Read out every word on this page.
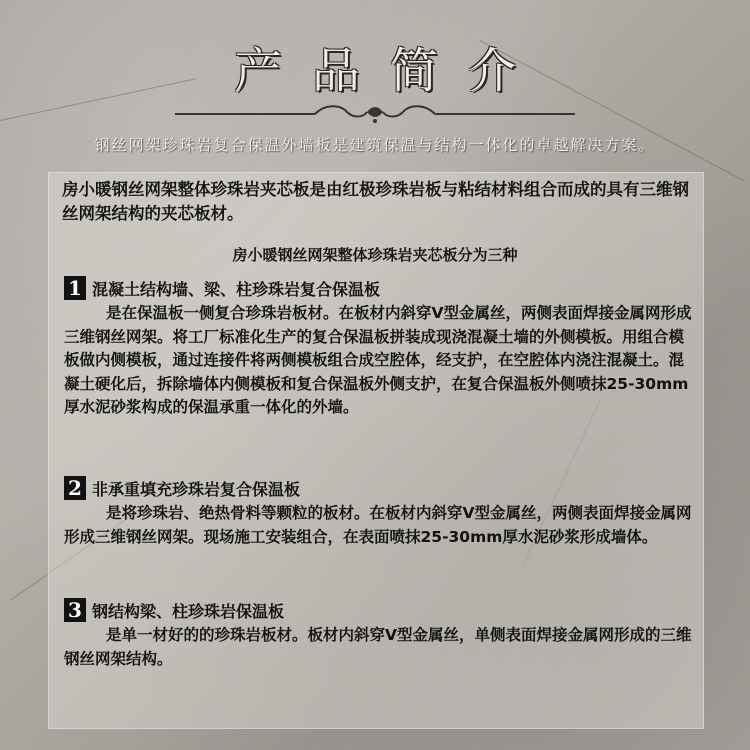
产品简介
钢丝网架珍珠岩复合保温外墙板是建筑保温与结构一体化的卓越解决方案。
房小暖钢丝网架整体珍珠岩夹芯板是由红极珍珠岩板与粘结材料组合而成的具有三维钢丝网架结构的夹芯板材。
房小暖钢丝网架整体珍珠岩夹芯板分为三种
1 混凝土结构墙、梁、柱珍珠岩复合保温板
是在保温板一侧复合珍珠岩板材。在板材内斜穿V型金属丝，两侧表面焊接金属网形成三维钢丝网架。将工厂标准化生产的复合保温板拼装成现浇混凝土墙的外侧模板。用组合模板做内侧模板，通过连接件将两侧模板组合成空腔体，经支护，在空腔体内浇注混凝土。混凝土硬化后，拆除墙体内侧模板和复合保温板外侧支护，在复合保温板外侧喷抹25-30mm厚水泥砂浆构成的保温承重一体化的外墙。
2 非承重填充珍珠岩复合保温板
是将珍珠岩、绝热骨料等颗粒的板材。在板材内斜穿V型金属丝，两侧表面焊接金属网形成三维钢丝网架。现场施工安装组合，在表面喷抹25-30mm厚水泥砂浆形成墙体。
3 钢结构梁、柱珍珠岩保温板
是单一材好的的珍珠岩板材。板材内斜穿V型金属丝，单侧表面焊接金属网形成的三维钢丝网架结构。
